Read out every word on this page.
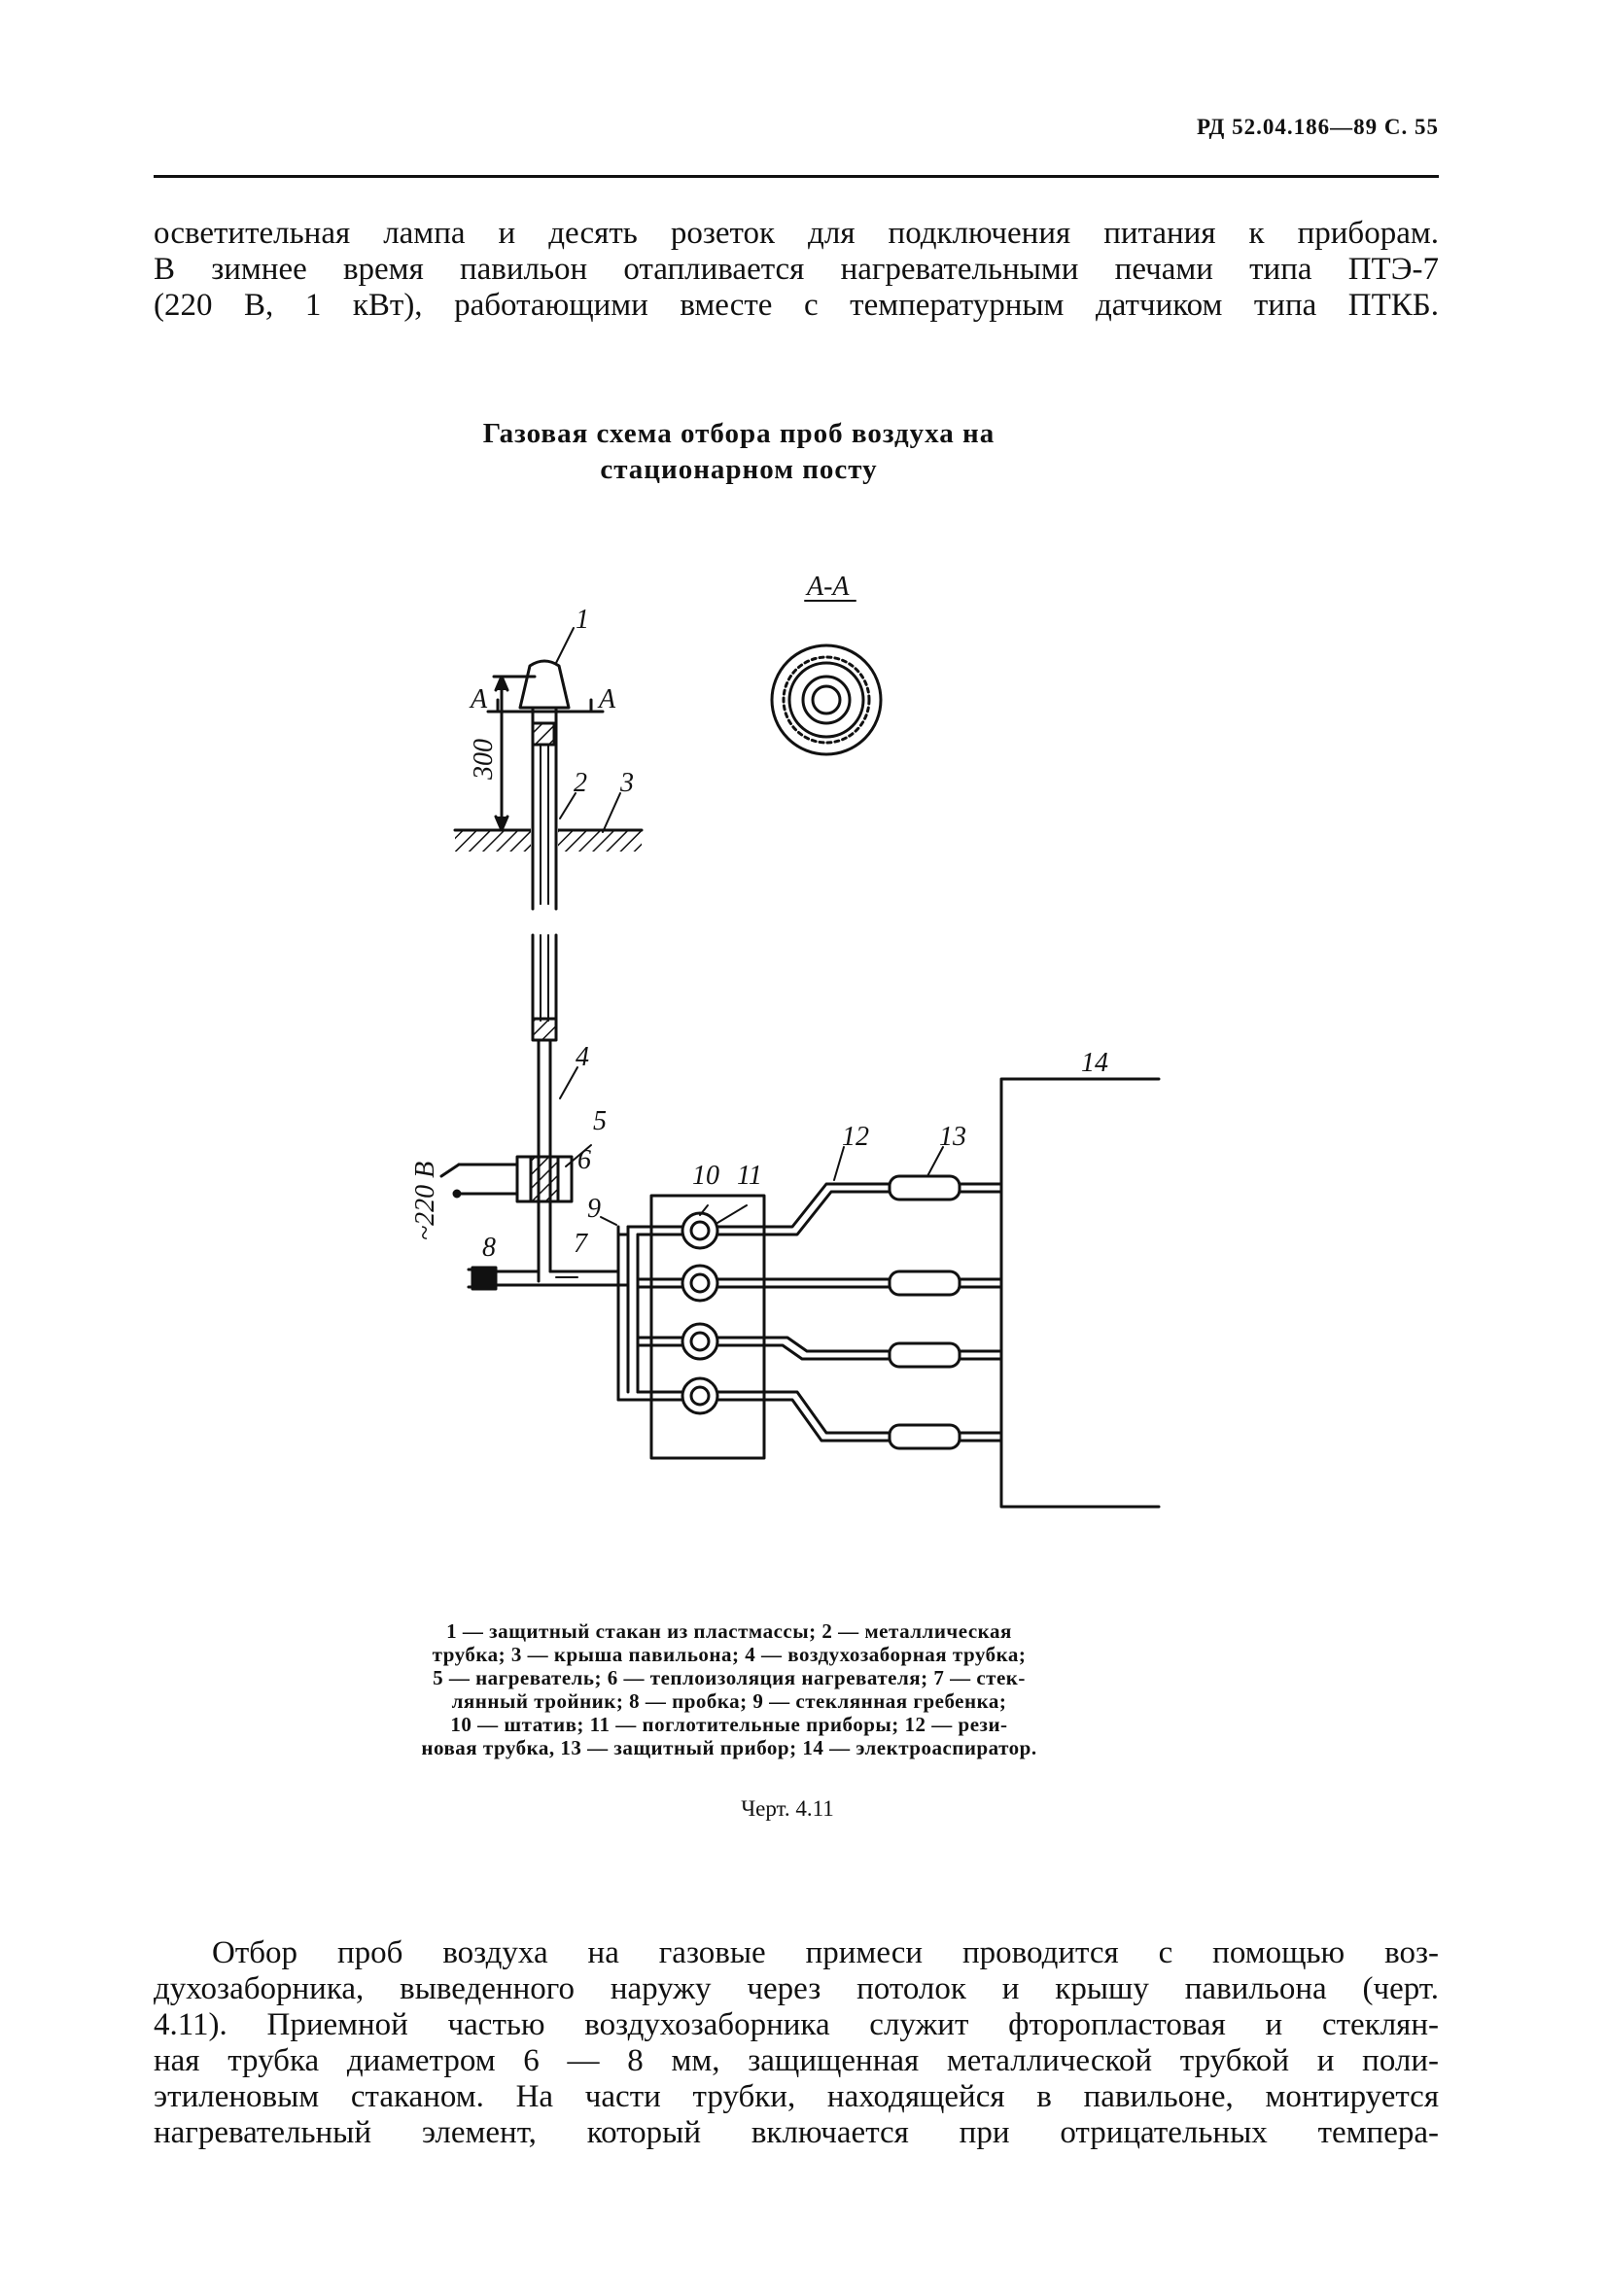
РД 52.04.186—89 С. 55
осветительная лампа и десять розеток для подключения питания к приборам.
В зимнее время павильон отапливается нагревательными печами типа ПТЭ-7
(220 В, 1 кВт), работающими вместе с температурным датчиком типа ПТКБ.
Газовая схема отбора проб воздуха на
стационарном посту
А-А
А	А
300
~220 В
1
2 3
4
5
6
7
8
9
10 11
12	13
14
1 — защитный стакан из пластмассы; 2 — металлическая
трубка; 3 — крыша павильона; 4 — воздухозаборная трубка;
5 — нагреватель; 6 — теплоизоляция нагревателя; 7 — стек-
лянный тройник; 8 — пробка; 9 — стеклянная гребенка;
10 — штатив; 11 — поглотительные приборы; 12 — рези-
новая трубка, 13 — защитный прибор; 14 — электроаспиратор.
Черт. 4.11
Отбор проб воздуха на газовые примеси проводится с помощью воз-
духозаборника, выведенного наружу через потолок и крышу павильона (черт.
4.11). Приемной частью воздухозаборника служит фторопластовая и стеклян-
ная трубка диаметром 6 — 8 мм, защищенная металлической трубкой и поли-
этиленовым стаканом. На части трубки, находящейся в павильоне, монтируется
нагревательный элемент, который включается при отрицательных темпера-
